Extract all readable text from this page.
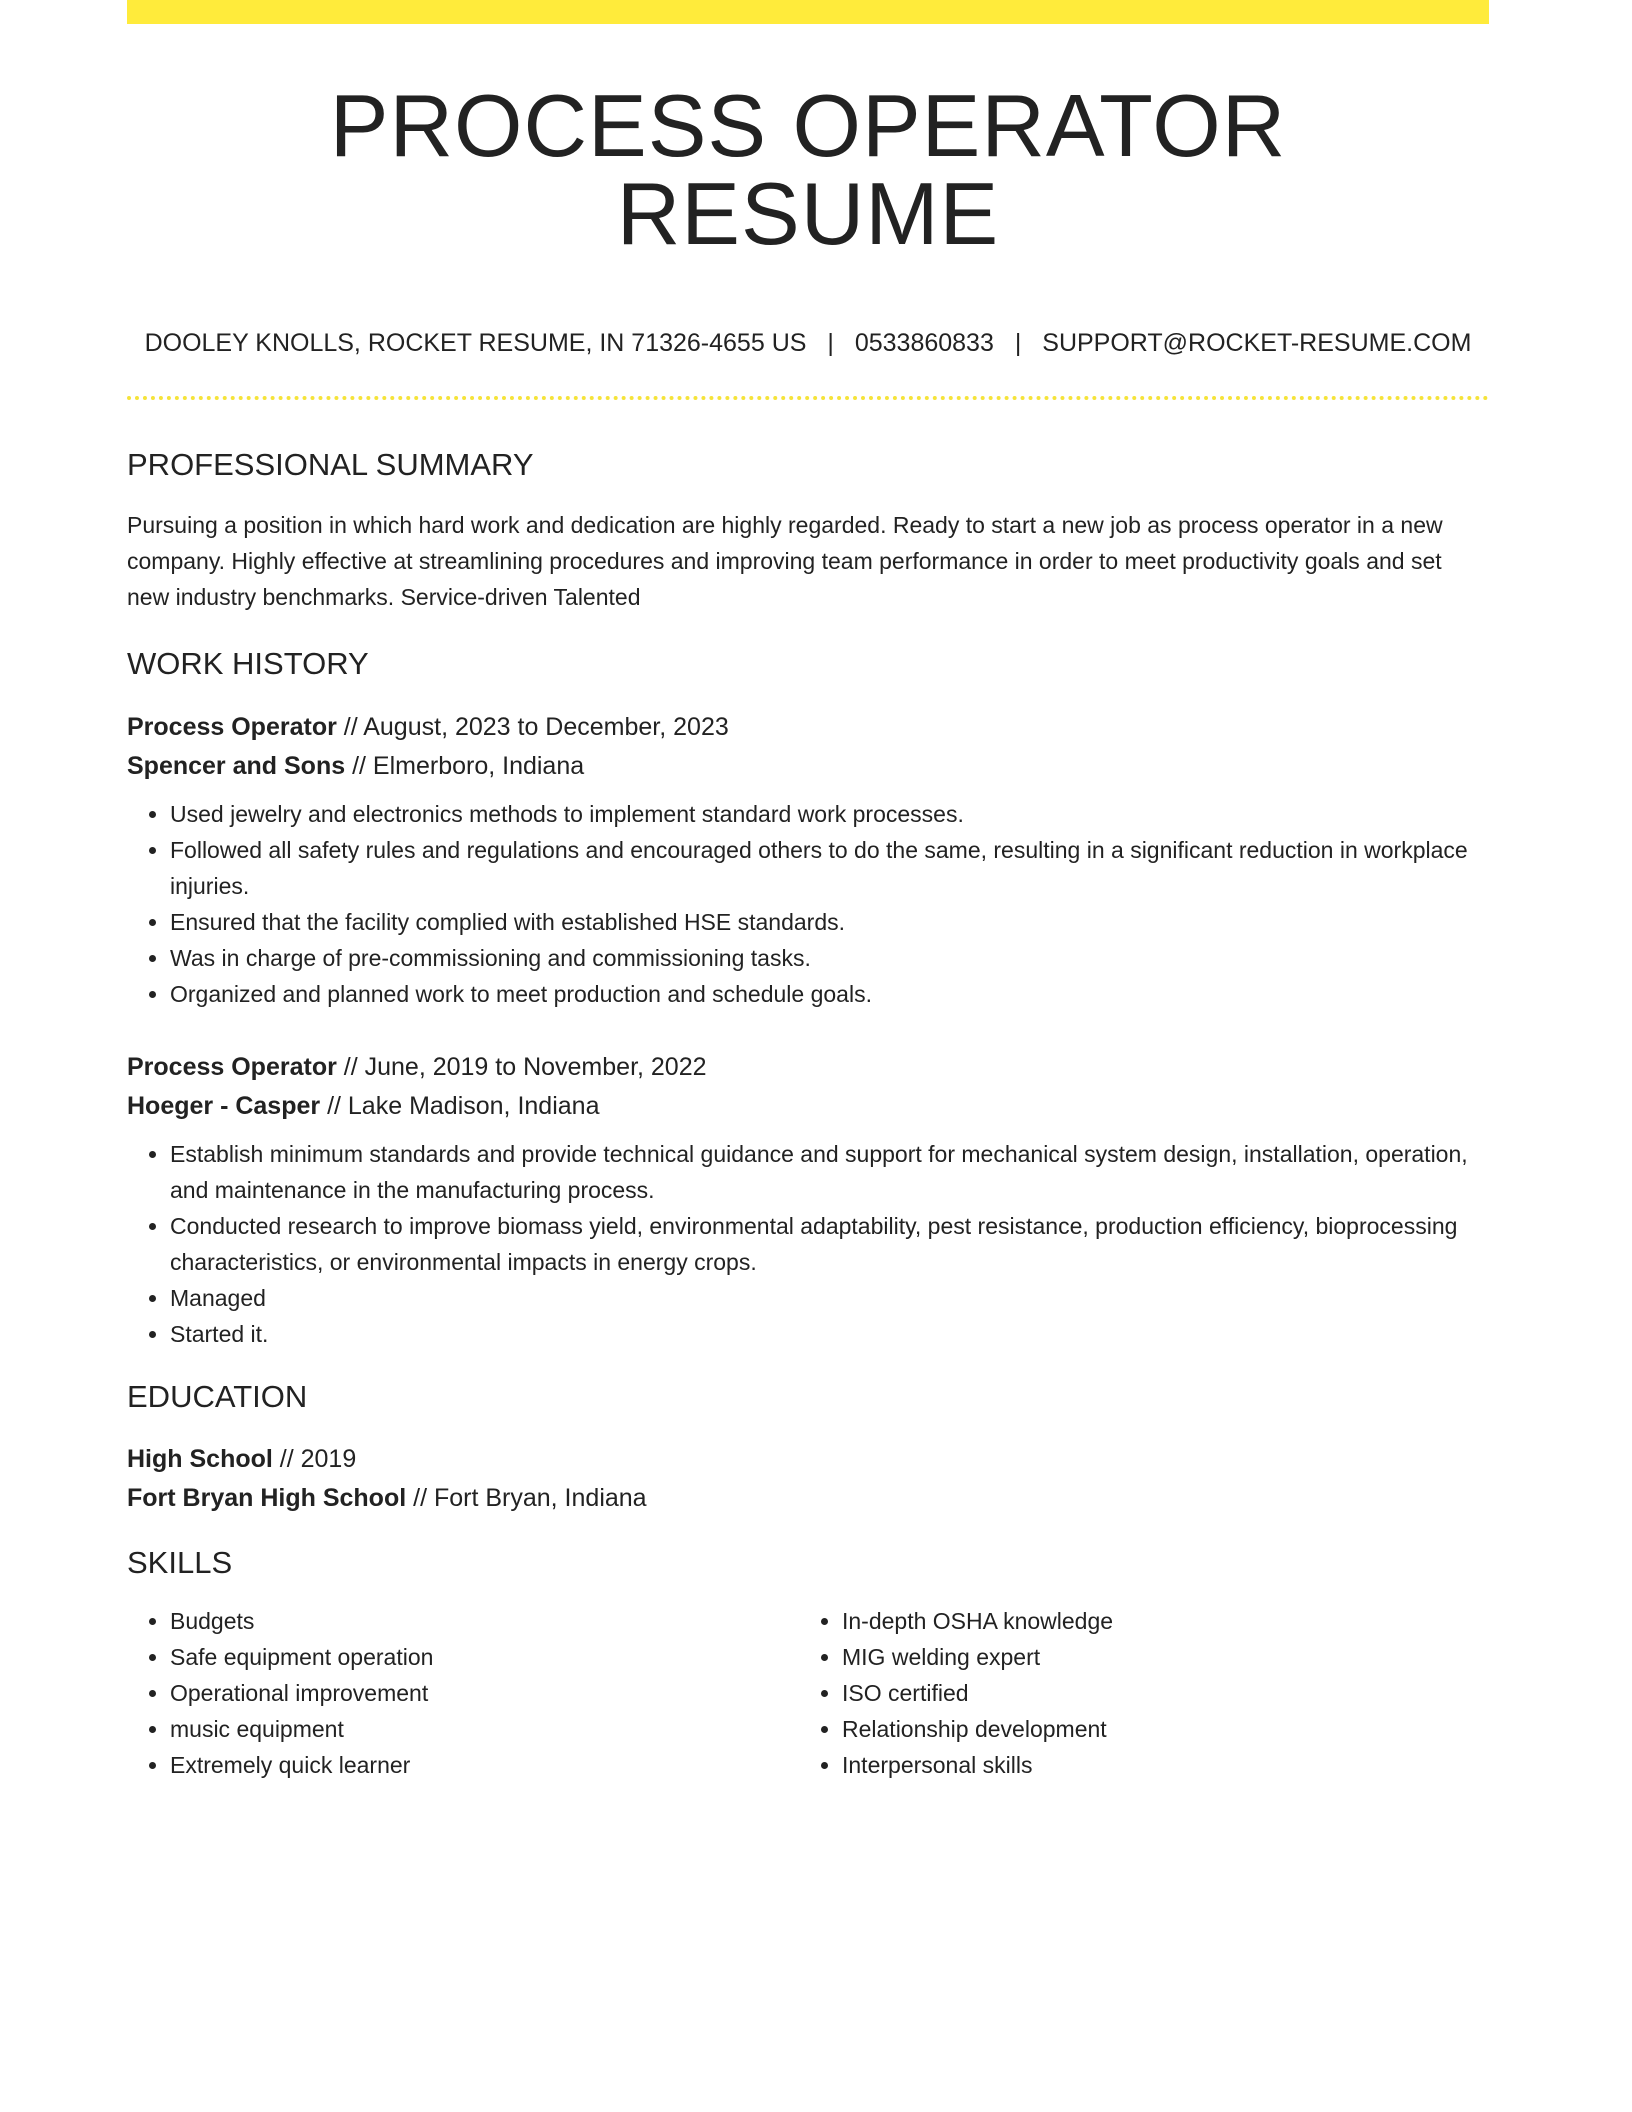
PROCESS OPERATOR RESUME
DOOLEY KNOLLS, ROCKET RESUME, IN 71326-4655 US | 0533860833 | SUPPORT@ROCKET-RESUME.COM
PROFESSIONAL SUMMARY
Pursuing a position in which hard work and dedication are highly regarded. Ready to start a new job as process operator in a new company. Highly effective at streamlining procedures and improving team performance in order to meet productivity goals and set new industry benchmarks. Service-driven Talented
WORK HISTORY
Process Operator // August, 2023 to December, 2023
Spencer and Sons // Elmerboro, Indiana
• Used jewelry and electronics methods to implement standard work processes.
• Followed all safety rules and regulations and encouraged others to do the same, resulting in a significant reduction in workplace injuries.
• Ensured that the facility complied with established HSE standards.
• Was in charge of pre-commissioning and commissioning tasks.
• Organized and planned work to meet production and schedule goals.
Process Operator // June, 2019 to November, 2022
Hoeger - Casper // Lake Madison, Indiana
• Establish minimum standards and provide technical guidance and support for mechanical system design, installation, operation, and maintenance in the manufacturing process.
• Conducted research to improve biomass yield, environmental adaptability, pest resistance, production efficiency, bioprocessing characteristics, or environmental impacts in energy crops.
• Managed
• Started it.
EDUCATION
High School // 2019
Fort Bryan High School // Fort Bryan, Indiana
SKILLS
• Budgets
• Safe equipment operation
• Operational improvement
• music equipment
• Extremely quick learner
• In-depth OSHA knowledge
• MIG welding expert
• ISO certified
• Relationship development
• Interpersonal skills
